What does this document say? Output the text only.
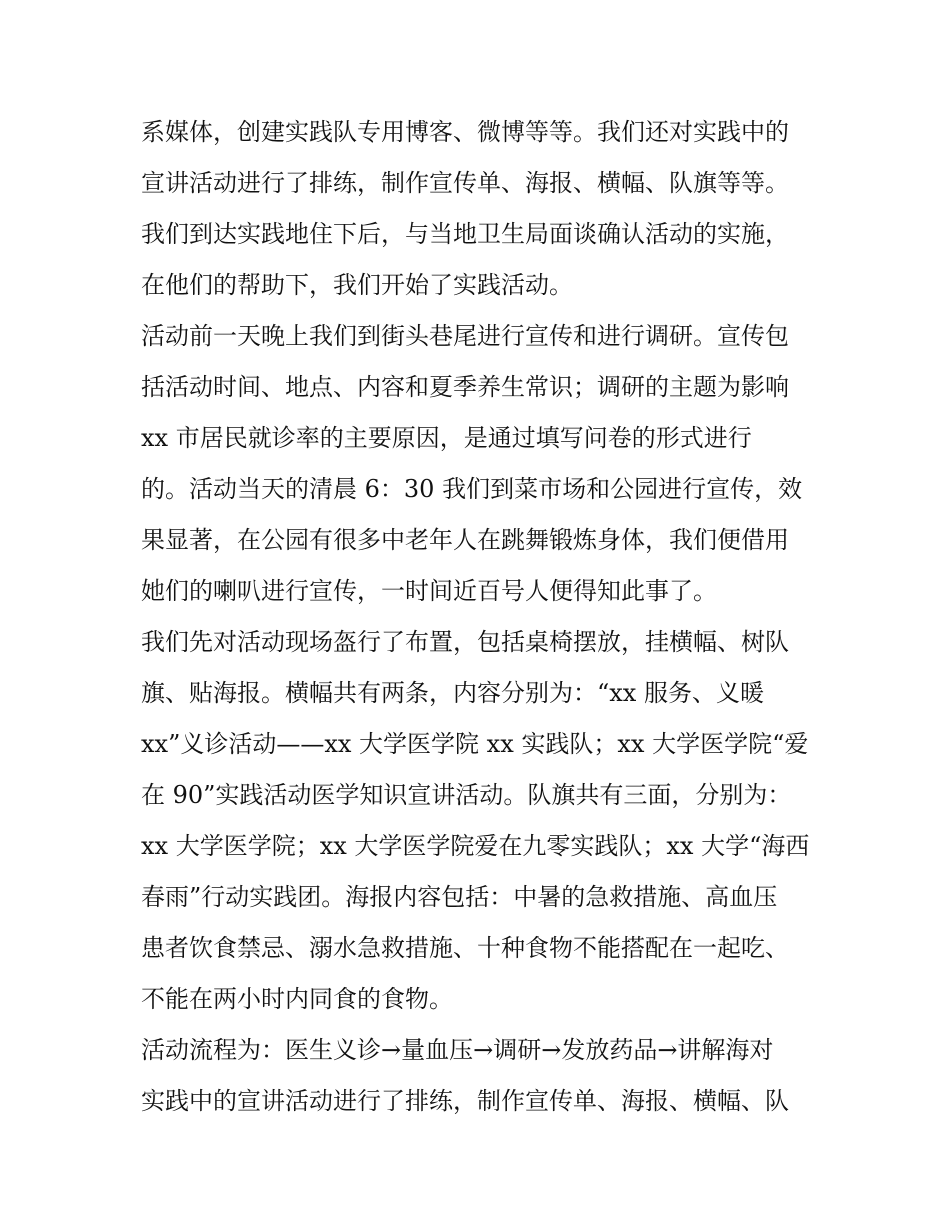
系媒体，创建实践队专用博客、微博等等。我们还对实践中的
宣讲活动进行了排练，制作宣传单、海报、横幅、队旗等等。
我们到达实践地住下后，与当地卫生局面谈确认活动的实施，
在他们的帮助下，我们开始了实践活动。
活动前一天晚上我们到街头巷尾进行宣传和进行调研。宣传包
括活动时间、地点、内容和夏季养生常识；调研的主题为影响
xx 市居民就诊率的主要原因，是通过填写问卷的形式进行
的。活动当天的清晨 6：30 我们到菜市场和公园进行宣传，效
果显著，在公园有很多中老年人在跳舞锻炼身体，我们便借用
她们的喇叭进行宣传，一时间近百号人便得知此事了。
我们先对活动现场盔行了布置，包括桌椅摆放，挂横幅、树队
旗、贴海报。横幅共有两条，内容分别为：“xx 服务、义暖
xx”义诊活动——xx 大学医学院 xx 实践队；xx 大学医学院“爱
在 90”实践活动医学知识宣讲活动。队旗共有三面，分别为：
xx 大学医学院；xx 大学医学院爱在九零实践队；xx 大学“海西
春雨”行动实践团。海报内容包括：中暑的急救措施、高血压
患者饮食禁忌、溺水急救措施、十种食物不能搭配在一起吃、
不能在两小时内同食的食物。
活动流程为：医生义诊→量血压→调研→发放药品→讲解海对
实践中的宣讲活动进行了排练，制作宣传单、海报、横幅、队
